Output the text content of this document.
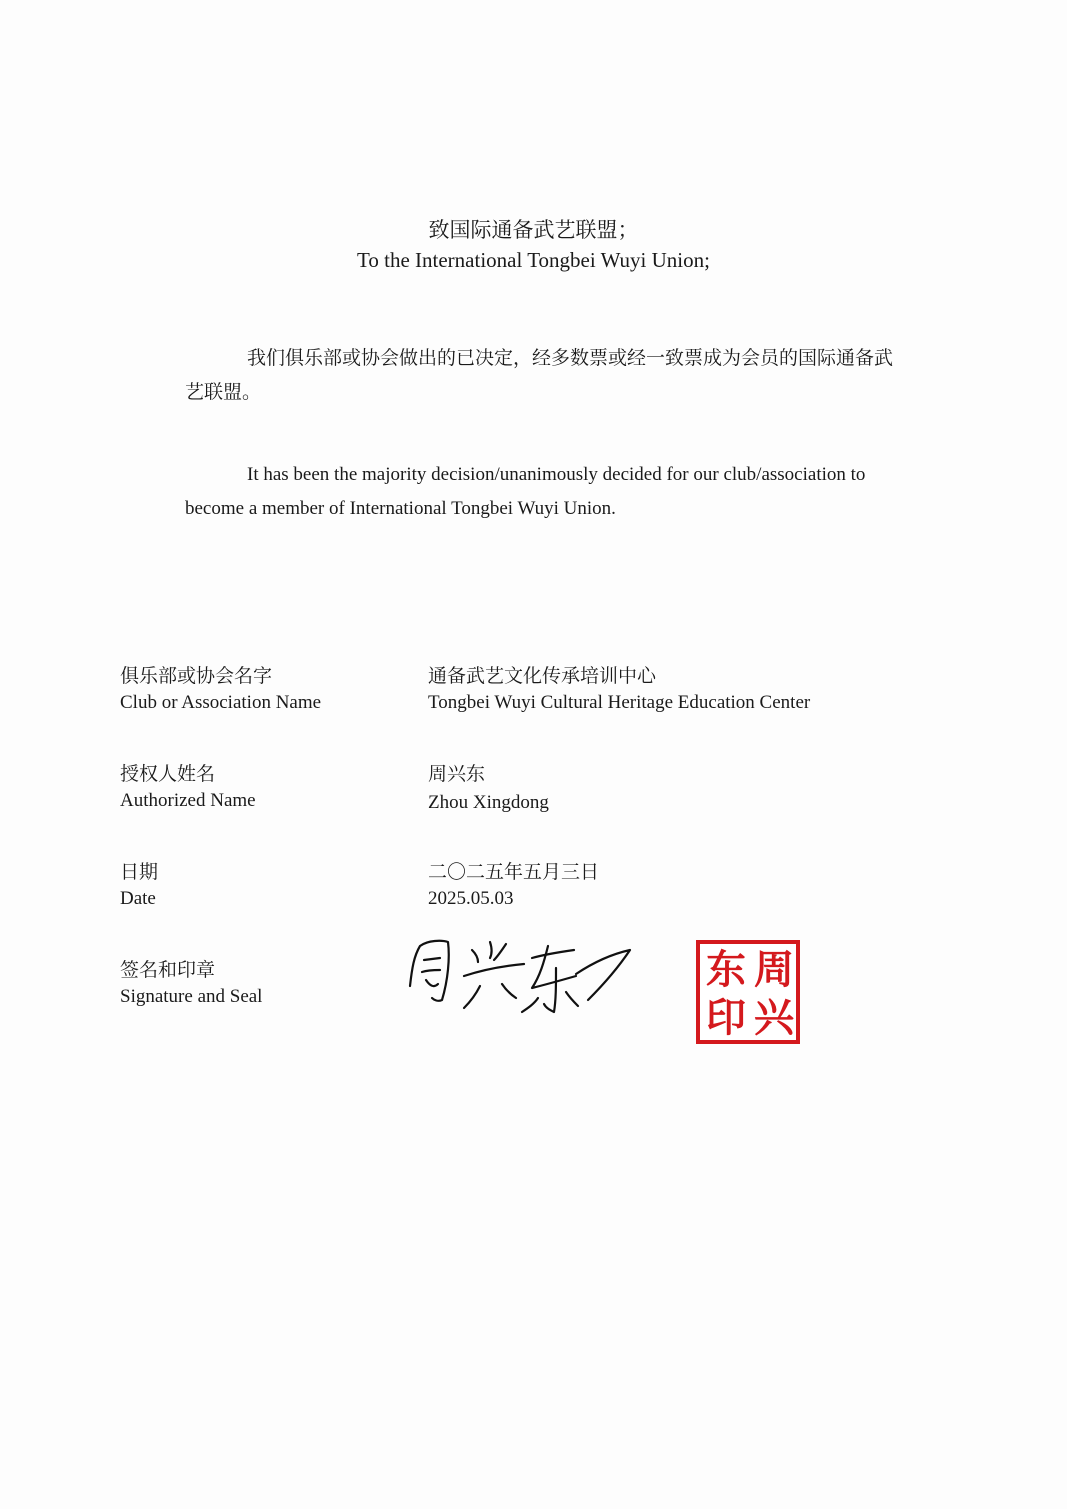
致国际通备武艺联盟；
To the International Tongbei Wuyi Union;
我们俱乐部或协会做出的已决定，经多数票或经一致票成为会员的国际通备武艺联盟。
It has been the majority decision/unanimously decided for our club/association to become a member of International Tongbei Wuyi Union.
俱乐部或协会名字
Club or Association Name
通备武艺文化传承培训中心
Tongbei Wuyi Cultural Heritage Education Center
授权人姓名
Authorized Name
周兴东
Zhou Xingdong
日期
Date
二〇二五年五月三日
2025.05.03
签名和印章
Signature and Seal
周
兴
东
印
